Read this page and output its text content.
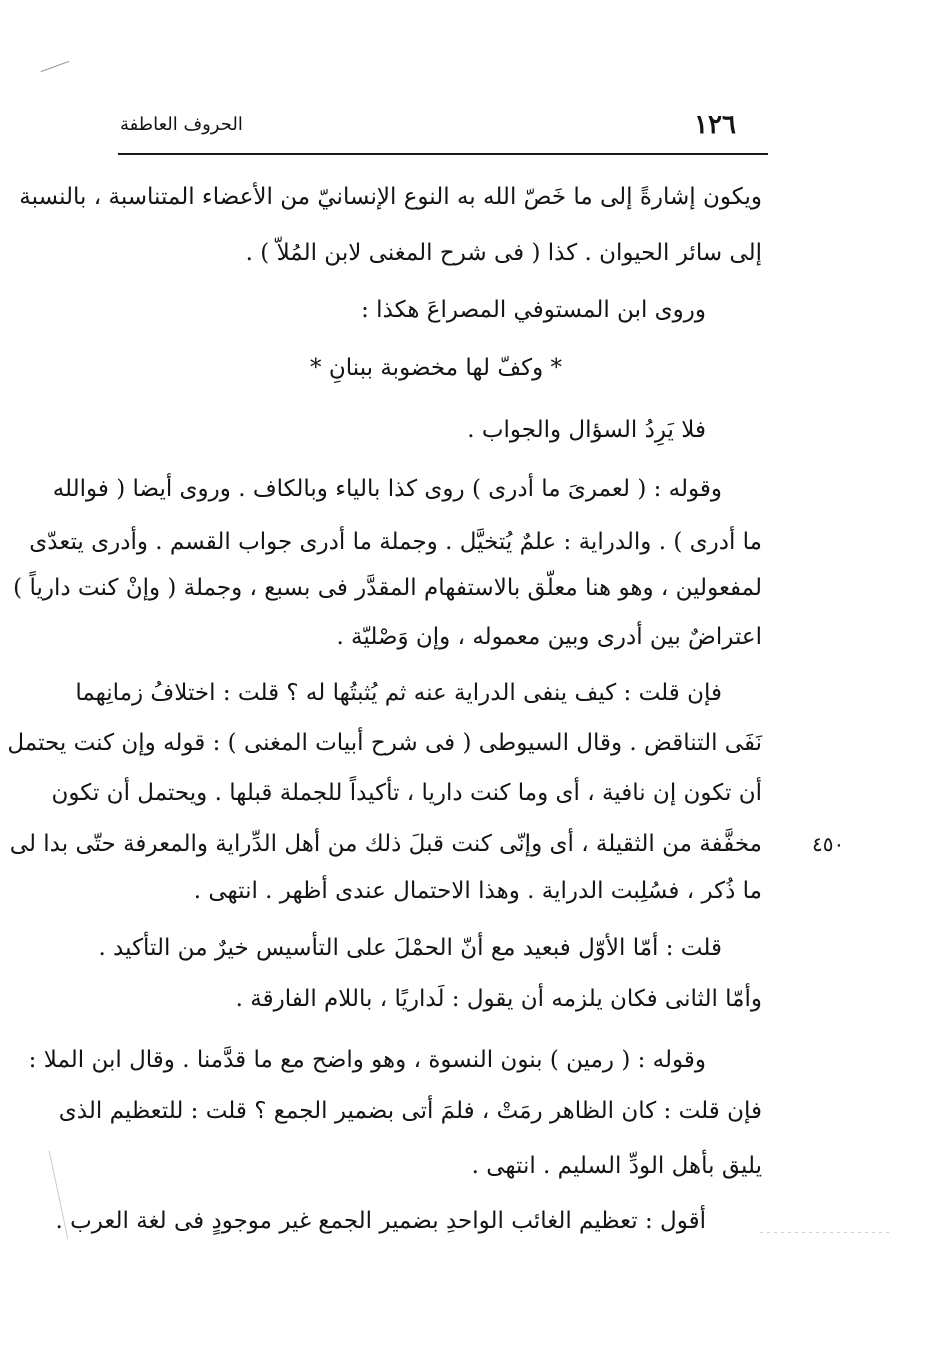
الحروف العاطفة	١٢٦
ويكون إشارةً إلى ما خَصّ الله به النوع الإنسانيّ من الأعضاء المتناسبة ، بالنسبة
إلى سائر الحيوان . كذا ( فى شرح المغنى لابن المُلاّ ) .
وروى ابن المستوفي المصراعَ هكذا :
* وكفّ لها مخضوبة ببنانِ *
فلا يَرِدُ السؤال والجواب .
وقوله : ( لعمرىَ ما أدرى ) روى كذا بالياء وبالكاف . وروى أيضا ( فوالله
ما أدرى ) . والدراية : علمٌ يُتخيَّل . وجملة ما أدرى جواب القسم . وأدرى يتعدّى
لمفعولين ، وهو هنا معلّق بالاستفهام المقدَّر فى بسبع ، وجملة ( وإنْ كنت دارياً )
اعتراضٌ بين أدرى وبين معموله ، وإن وَصْليّة .
فإن قلت : كيف ينفى الدراية عنه ثم يُثبتُها له ؟ قلت : اختلافُ زمانِهما
نَفَى التناقض . وقال السيوطى ( فى شرح أبيات المغنى ) : قوله وإن كنت يحتمل
أن تكون إن نافية ، أى وما كنت داريا ، تأكيداً للجملة قبلها . ويحتمل أن تكون
مخفَّفة من الثقيلة ، أى وإنّى كنت قبلَ ذلك من أهل الدِّراية والمعرفة حتّى بدا لى
ما ذُكر ، فسُلِبت الدراية . وهذا الاحتمال عندى أظهر . انتهى .
قلت : أمّا الأوّل فبعيد مع أنّ الحمْلَ على التأسيس خيرٌ من التأكيد .
وأمّا الثانى فكان يلزمه أن يقول : لَداريًا ، باللام الفارقة .
وقوله : ( رمين ) بنون النسوة ، وهو واضح مع ما قدَّمنا . وقال ابن الملا :
فإن قلت : كان الظاهر رمَتْ ، فلمَ أتى بضمير الجمع ؟ قلت : للتعظيم الذى
يليق بأهل الودِّ السليم . انتهى .
أقول : تعظيم الغائب الواحدِ بضمير الجمع غير موجودٍ فى لغة العرب .
٤٥٠
